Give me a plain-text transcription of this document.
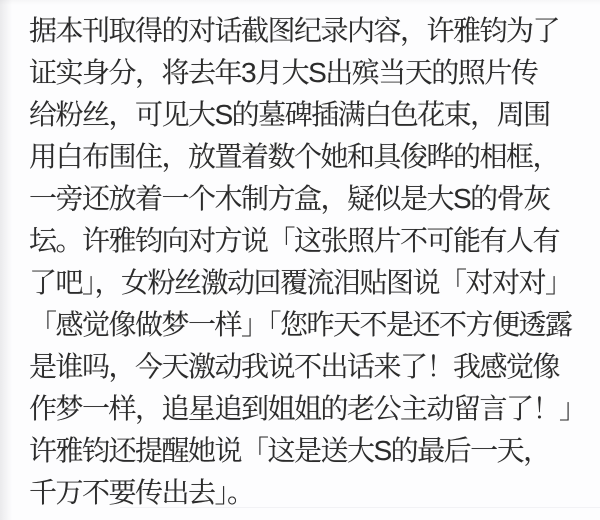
据本刊取得的对话截图纪录内容，许雅钧为了
证实身分，将去年3月大S出殡当天的照片传
给粉丝，可见大S的墓碑插满白色花束，周围
用白布围住，放置着数个她和具俊晔的相框，
一旁还放着一个木制方盒，疑似是大S的骨灰
坛。许雅钧向对方说「这张照片不可能有人有
了吧」，女粉丝激动回覆流泪贴图说「对对对」
「感觉像做梦一样」「您昨天不是还不方便透露
是谁吗，今天激动我说不出话来了！我感觉像
作梦一样，追星追到姐姐的老公主动留言了！」
许雅钧还提醒她说「这是送大S的最后一天，
千万不要传出去」。
